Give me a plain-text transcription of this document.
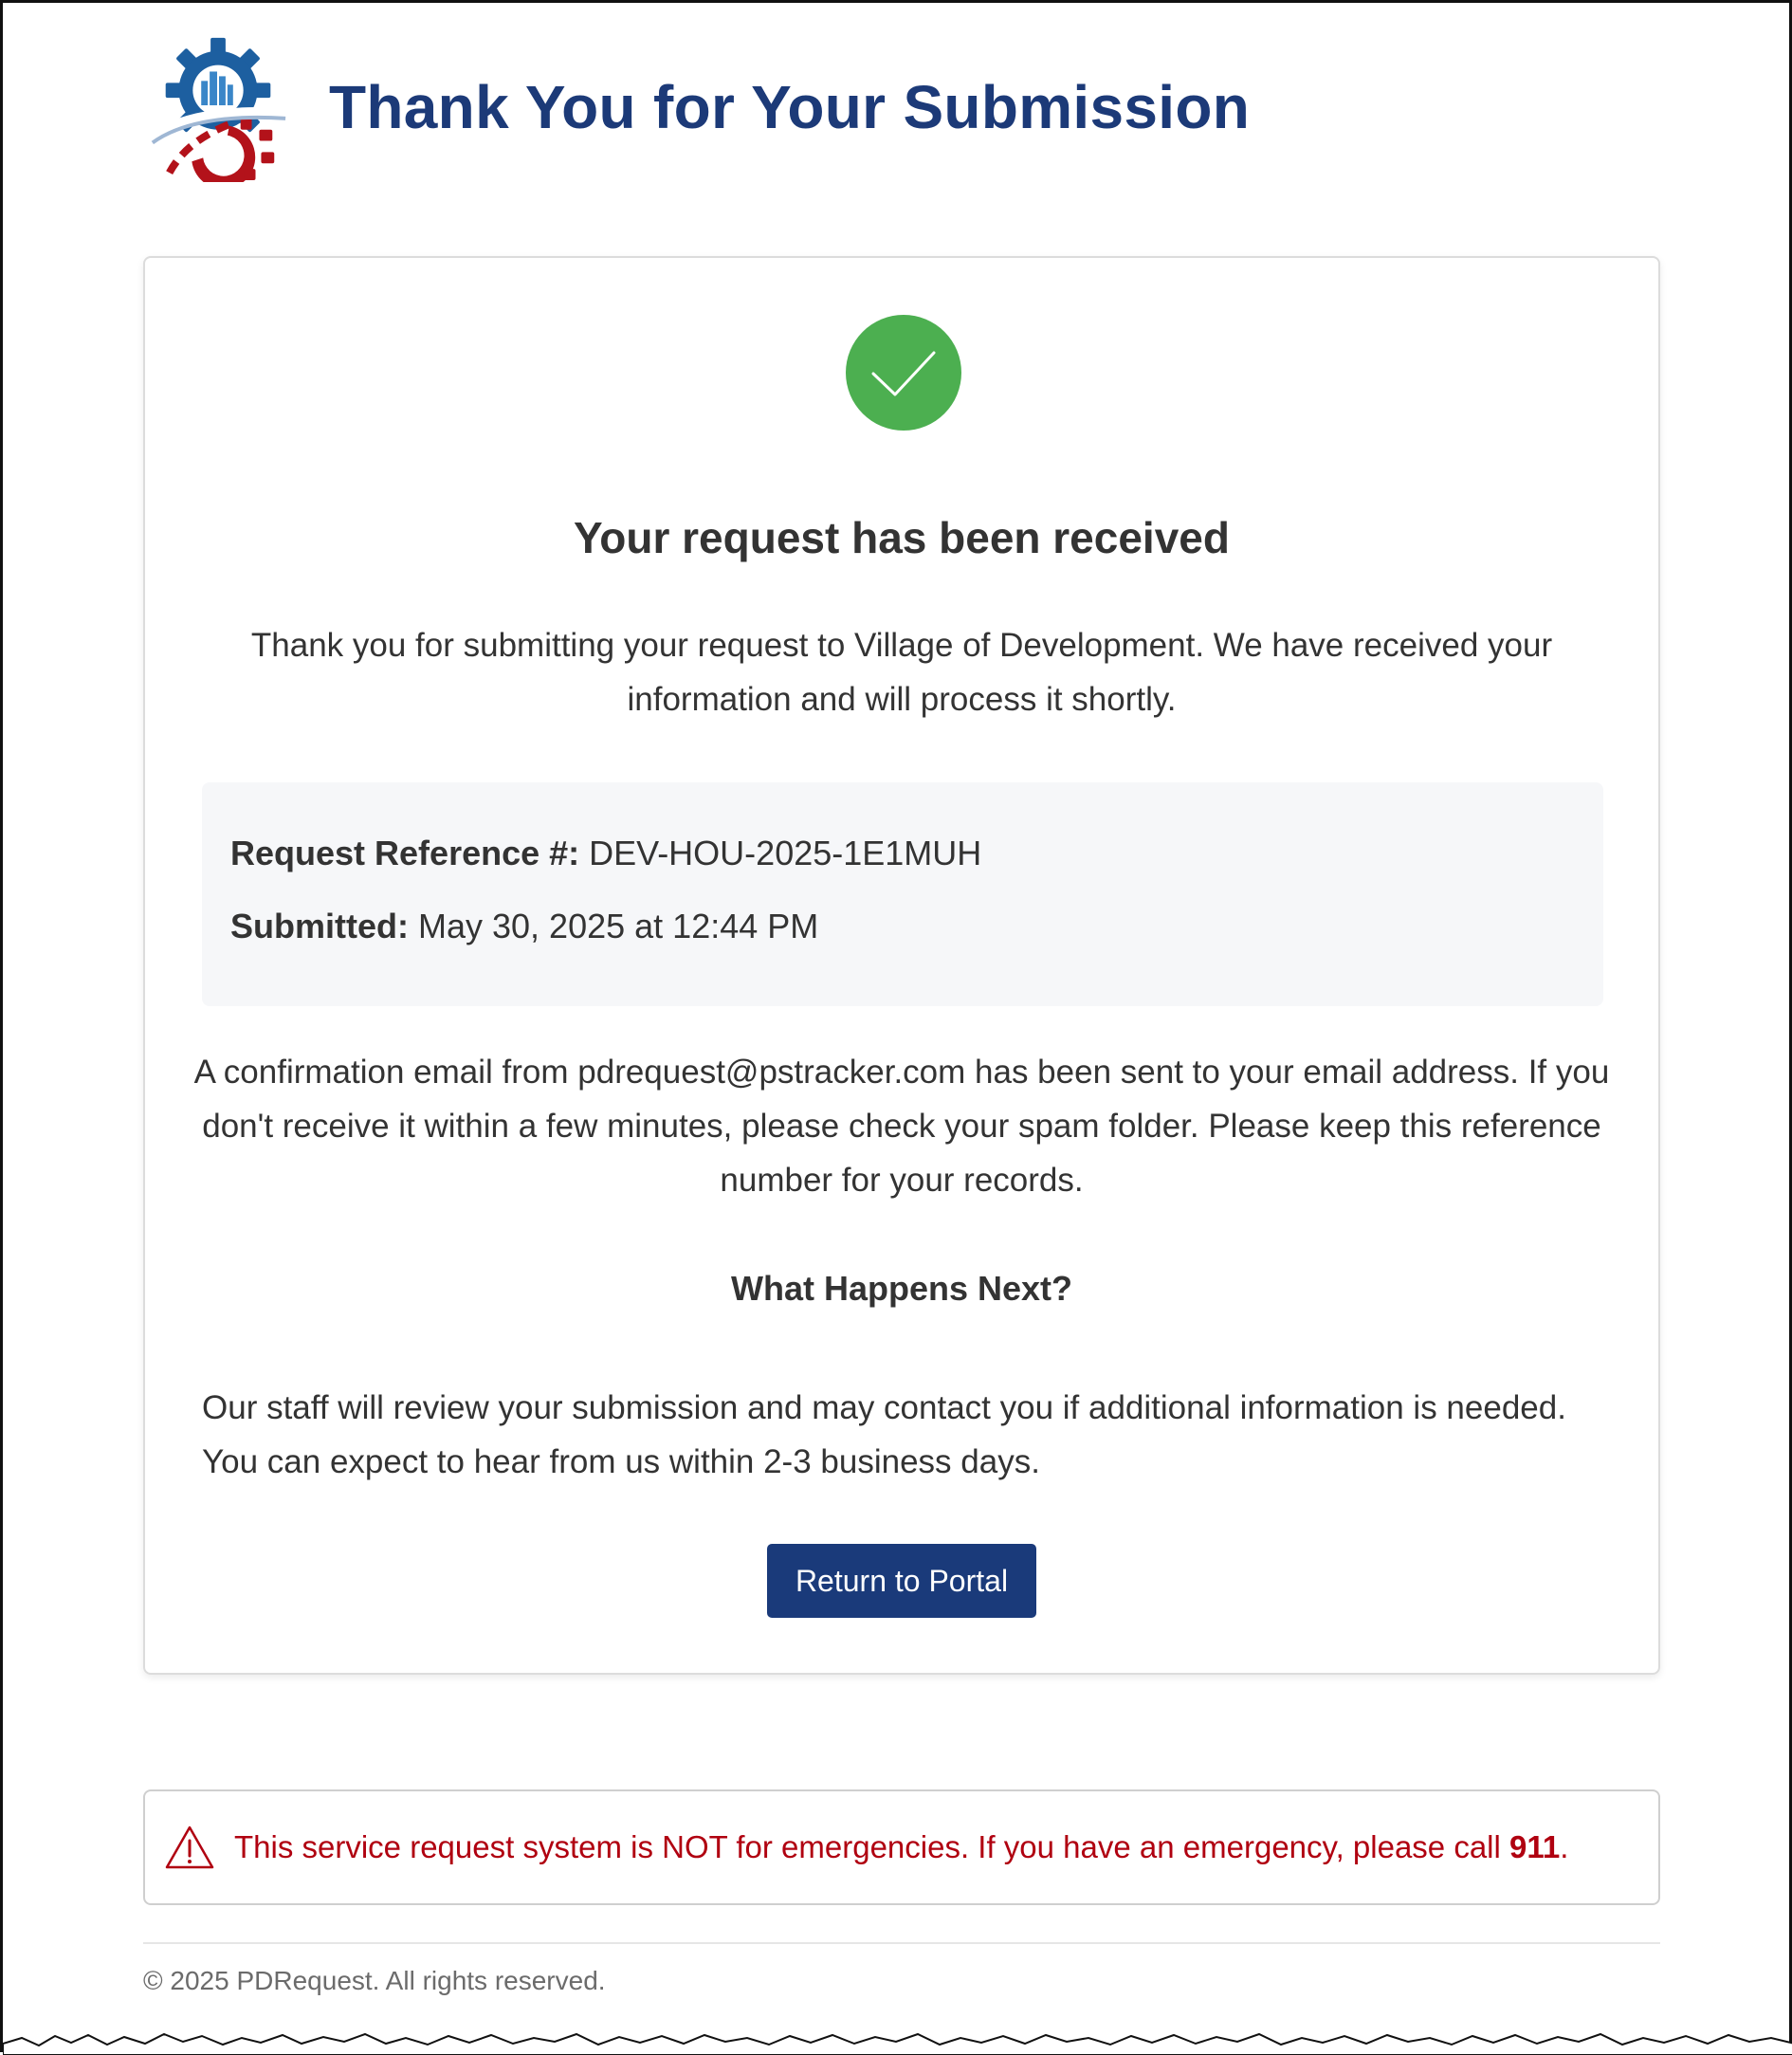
Thank You for Your Submission
Your request has been received

Thank you for submitting your request to Village of Development. We have received your information and will process it shortly.

Request Reference #: DEV-HOU-2025-1E1MUH
Submitted: May 30, 2025 at 12:44 PM

A confirmation email from pdrequest@pstracker.com has been sent to your email address. If you don't receive it within a few minutes, please check your spam folder. Please keep this reference number for your records.

What Happens Next?

Our staff will review your submission and may contact you if additional information is needed. You can expect to hear from us within 2-3 business days.

Return to Portal
This service request system is NOT for emergencies. If you have an emergency, please call 911.
© 2025 PDRequest. All rights reserved.
